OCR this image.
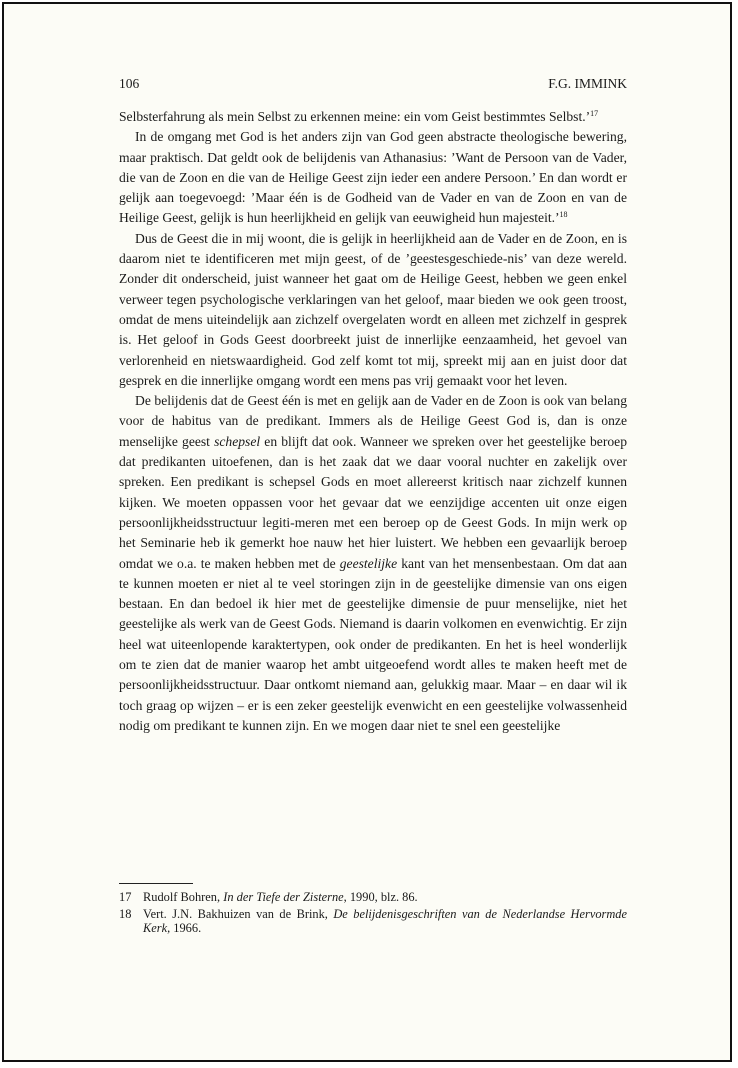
106	F.G. IMMINK

Selbsterfahrung als mein Selbst zu erkennen meine: ein vom Geist bestimmtes Selbst.’$^{17}$

In de omgang met God is het anders zijn van God geen abstracte theologische bewering, maar praktisch. Dat geldt ook de belijdenis van Athanasius: ’Want de Persoon van de Vader, die van de Zoon en die van de Heilige Geest zijn ieder een andere Persoon.’ En dan wordt er gelijk aan toegevoegd: ’Maar één is de Godheid van de Vader en van de Zoon en van de Heilige Geest, gelijk is hun heerlijkheid en gelijk van eeuwigheid hun majesteit.’$^{18}$

Dus de Geest die in mij woont, die is gelijk in heerlijkheid aan de Vader en de Zoon, en is daarom niet te identificeren met mijn geest, of de ’geestesgeschiede-nis’ van deze wereld. Zonder dit onderscheid, juist wanneer het gaat om de Heilige Geest, hebben we geen enkel verweer tegen psychologische verklaringen van het geloof, maar bieden we ook geen troost, omdat de mens uiteindelijk aan zichzelf overgelaten wordt en alleen met zichzelf in gesprek is. Het geloof in Gods Geest doorbreekt juist de innerlijke eenzaamheid, het gevoel van verlorenheid en nietswaardigheid. God zelf komt tot mij, spreekt mij aan en juist door dat gesprek en die innerlijke omgang wordt een mens pas vrij gemaakt voor het leven.

De belijdenis dat de Geest één is met en gelijk aan de Vader en de Zoon is ook van belang voor de habitus van de predikant. Immers als de Heilige Geest God is, dan is onze menselijke geest schepsel en blijft dat ook. Wanneer we spreken over het geestelijke beroep dat predikanten uitoefenen, dan is het zaak dat we daar vooral nuchter en zakelijk over spreken. Een predikant is schepsel Gods en moet allereerst kritisch naar zichzelf kunnen kijken. We moeten oppassen voor het gevaar dat we eenzijdige accenten uit onze eigen persoonlijkheidsstructuur legiti-meren met een beroep op de Geest Gods. In mijn werk op het Seminarie heb ik gemerkt hoe nauw het hier luistert. We hebben een gevaarlijk beroep omdat we o.a. te maken hebben met de geestelijke kant van het mensenbestaan. Om dat aan te kunnen moeten er niet al te veel storingen zijn in de geestelijke dimensie van ons eigen bestaan. En dan bedoel ik hier met de geestelijke dimensie de puur menselijke, niet het geestelijke als werk van de Geest Gods. Niemand is daarin volkomen en evenwichtig. Er zijn heel wat uiteenlopende karaktertypen, ook onder de predikanten. En het is heel wonderlijk om te zien dat de manier waarop het ambt uitgeoefend wordt alles te maken heeft met de persoonlijkheidsstructuur. Daar ontkomt niemand aan, gelukkig maar. Maar – en daar wil ik toch graag op wijzen – er is een zeker geestelijk evenwicht en een geestelijke volwassenheid nodig om predikant te kunnen zijn. En we mogen daar niet te snel een geestelijke

17 Rudolf Bohren, In der Tiefe der Zisterne, 1990, blz. 86.
18 Vert. J.N. Bakhuizen van de Brink, De belijdenisgeschriften van de Nederlandse Hervormde Kerk, 1966.
